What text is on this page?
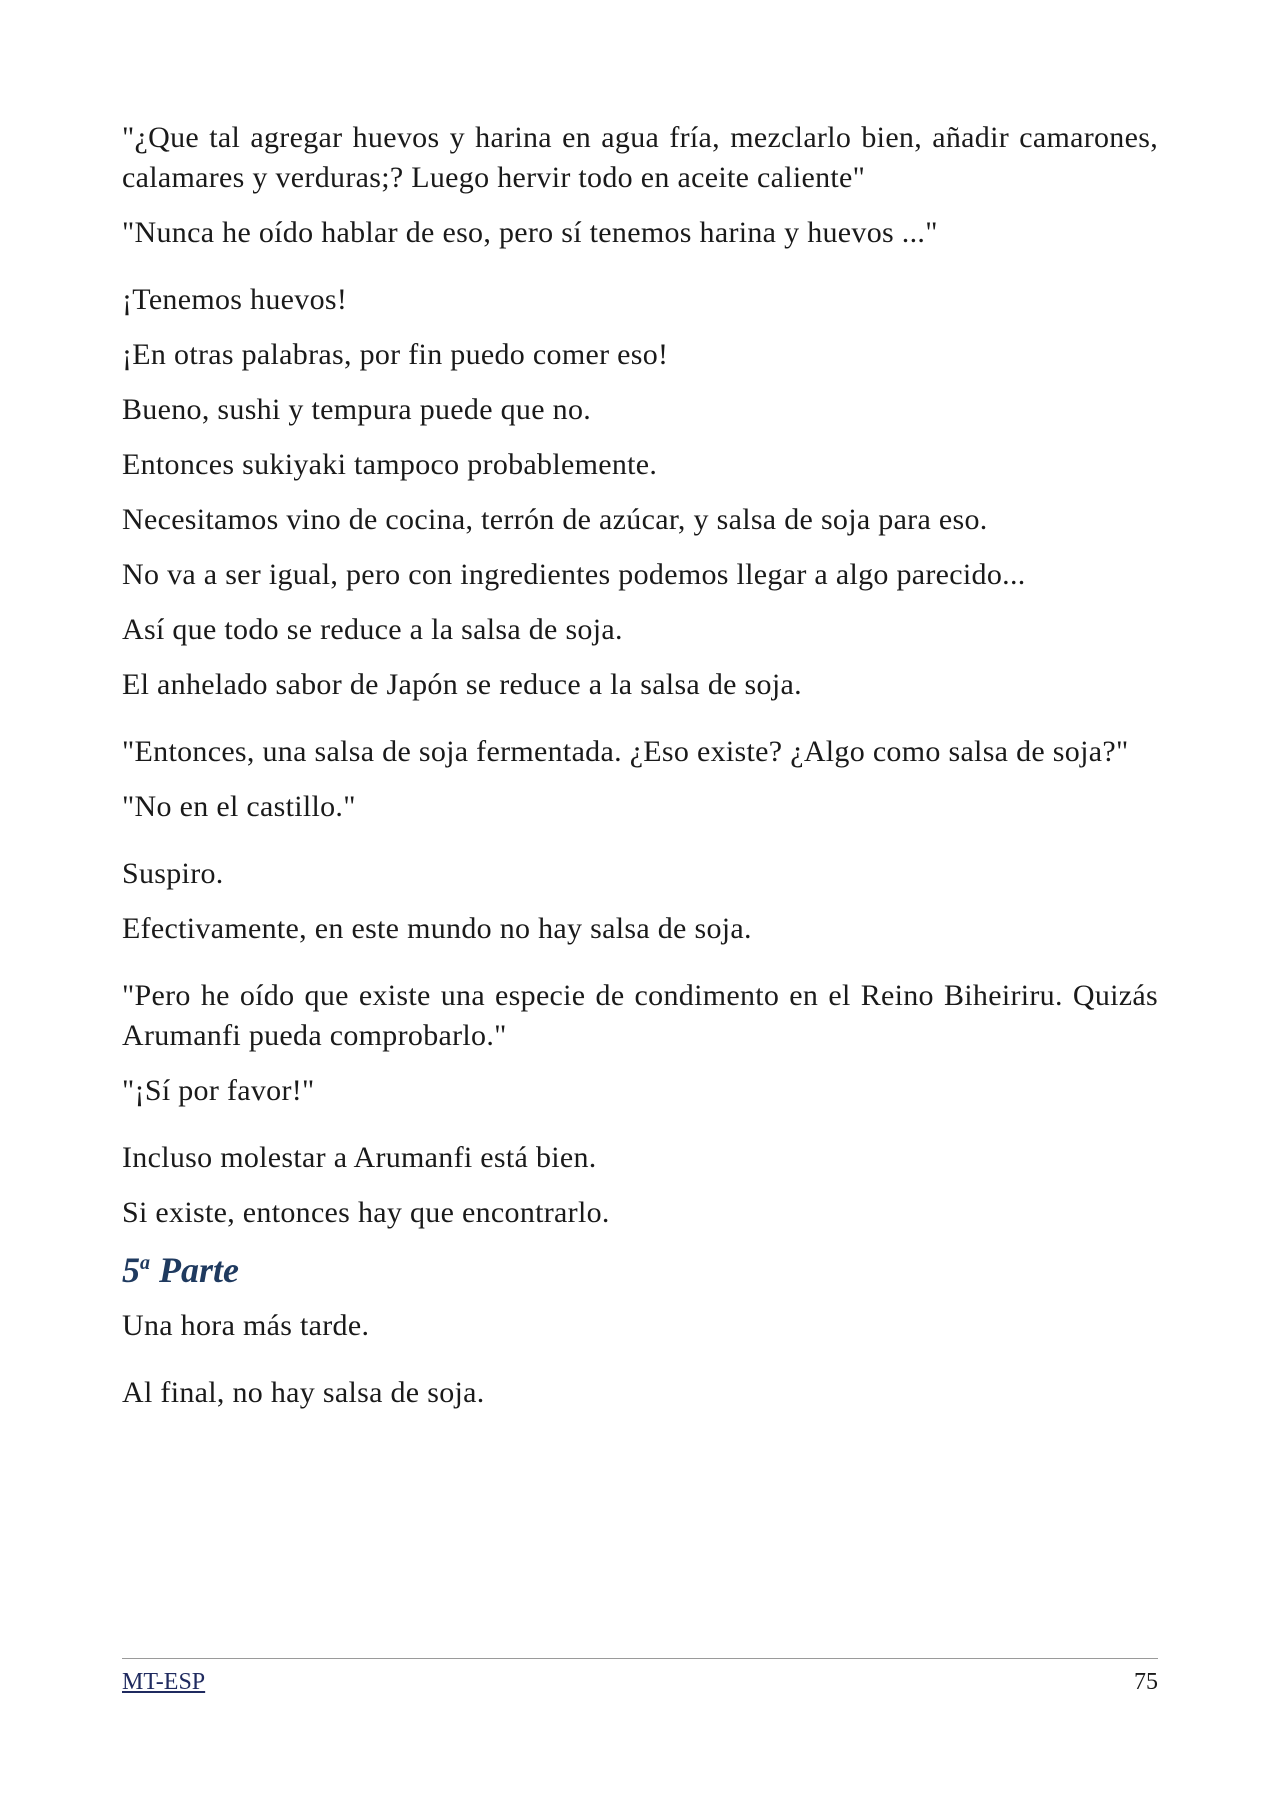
"¿Que tal agregar huevos y harina en agua fría, mezclarlo bien, añadir camarones, calamares y verduras;? Luego hervir todo en aceite caliente"

"Nunca he oído hablar de eso, pero sí tenemos harina y huevos ..."

¡Tenemos huevos!

¡En otras palabras, por fin puedo comer eso!

Bueno, sushi y tempura puede que no.

Entonces sukiyaki tampoco probablemente.

Necesitamos vino de cocina, terrón de azúcar, y salsa de soja para eso.

No va a ser igual, pero con ingredientes podemos llegar a algo parecido...

Así que todo se reduce a la salsa de soja.

El anhelado sabor de Japón se reduce a la salsa de soja.

"Entonces, una salsa de soja fermentada. ¿Eso existe? ¿Algo como salsa de soja?"

"No en el castillo."

Suspiro.

Efectivamente, en este mundo no hay salsa de soja.

"Pero he oído que existe una especie de condimento en el Reino Biheiriru. Quizás Arumanfi pueda comprobarlo."

"¡Sí por favor!"

Incluso molestar a Arumanfi está bien.

Si existe, entonces hay que encontrarlo.

5$^a$ Parte

Una hora más tarde.

Al final, no hay salsa de soja.

MT-ESP	75
